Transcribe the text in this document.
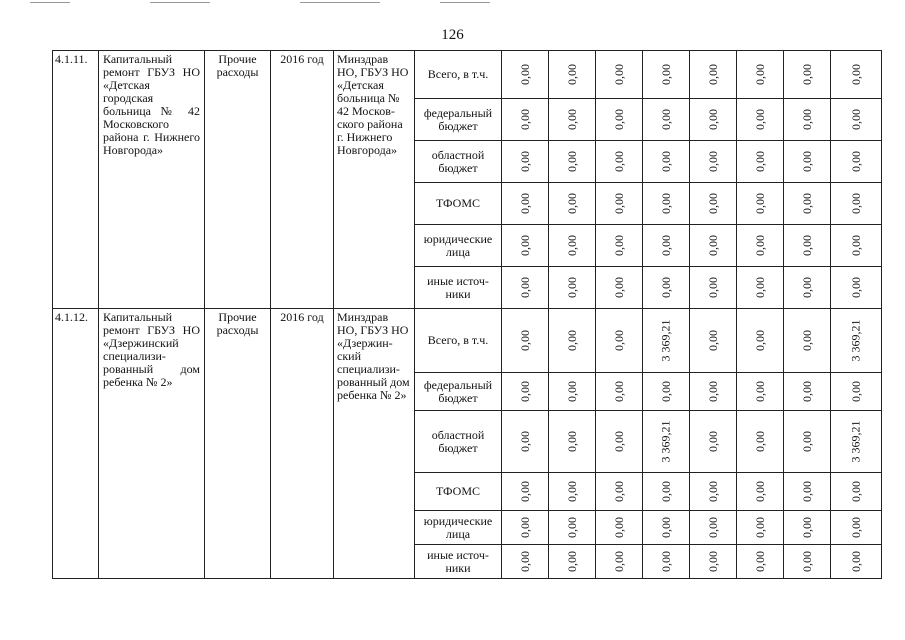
126
4.1.11.	Капитальный ремонт ГБУЗ НО «Детская городская больница № 42 Московского района г. Нижнего Новгорода»	Прочие расходы	2016 год	Минздрав НО, ГБУЗ НО «Детская больница № 42 Москов-ского района г. Нижнего Новгорода»	Всего, в т.ч.	0,00	0,00	0,00	0,00	0,00	0,00	0,00	0,00
					федеральный бюджет	0,00	0,00	0,00	0,00	0,00	0,00	0,00	0,00
					областной бюджет	0,00	0,00	0,00	0,00	0,00	0,00	0,00	0,00
					ТФОМС	0,00	0,00	0,00	0,00	0,00	0,00	0,00	0,00
					юридические лица	0,00	0,00	0,00	0,00	0,00	0,00	0,00	0,00
					иные источ-ники	0,00	0,00	0,00	0,00	0,00	0,00	0,00	0,00
4.1.12.	Капитальный ремонт ГБУЗ НО «Дзержинский специализи-рованный дом ребенка № 2»	Прочие расходы	2016 год	Минздрав НО, ГБУЗ НО «Дзержин-ский специализи-рованный дом ребенка № 2»	Всего, в т.ч.	0,00	0,00	0,00	3 369,21	0,00	0,00	0,00	3 369,21
					федеральный бюджет	0,00	0,00	0,00	0,00	0,00	0,00	0,00	0,00
					областной бюджет	0,00	0,00	0,00	3 369,21	0,00	0,00	0,00	3 369,21
					ТФОМС	0,00	0,00	0,00	0,00	0,00	0,00	0,00	0,00
					юридические лица	0,00	0,00	0,00	0,00	0,00	0,00	0,00	0,00
					иные источ-ники	0,00	0,00	0,00	0,00	0,00	0,00	0,00	0,00
